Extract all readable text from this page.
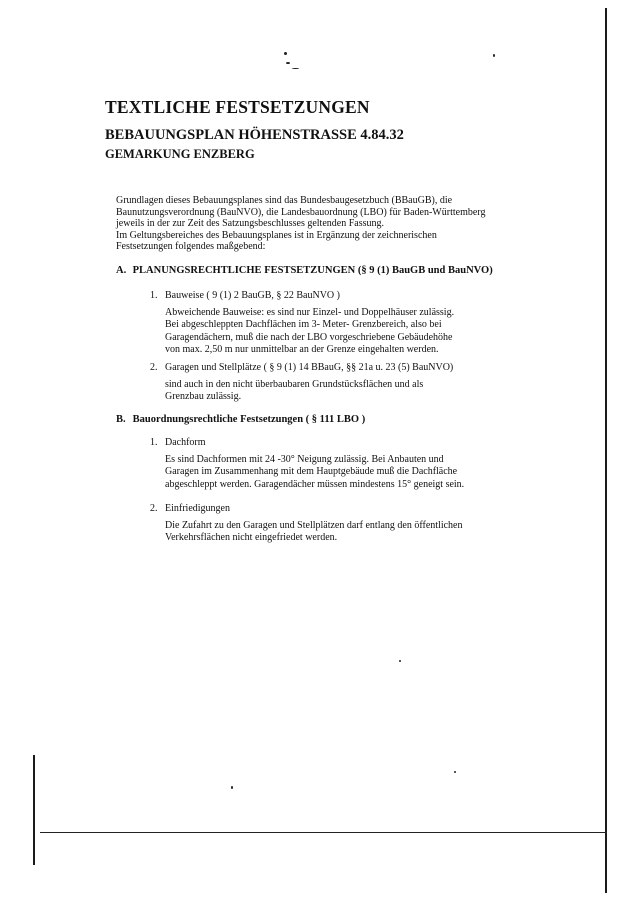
TEXTLICHE FESTSETZUNGEN
BEBAUUNGSPLAN HÖHENSTRASSE 4.84.32
GEMARKUNG ENZBERG

Grundlagen dieses Bebauungsplanes sind das Bundesbaugesetzbuch (BBauGB), die

Baunutzungsverordnung (BauNVO), die Landesbauordnung (LBO) für Baden-Württemberg

jeweils in der zur Zeit des Satzungsbeschlusses geltenden Fassung.

Im Geltungsbereiches des Bebauungsplanes ist in Ergänzung der zeichnerischen

Festsetzungen folgendes maßgebend:

A. PLANUNGSRECHTLICHE FESTSETZUNGEN (§ 9 (1) BauGB und BauNVO)
1. Bauweise ( 9 (1) 2 BauGB, § 22 BauNVO )

Abweichende Bauweise: es sind nur Einzel- und Doppelhäuser zulässig.

Bei abgeschleppten Dachflächen im 3- Meter- Grenzbereich, also bei

Garagendächern, muß die nach der LBO vorgeschriebene Gebäudehöhe

von max. 2,50 m nur unmittelbar an der Grenze eingehalten werden.

2. Garagen und Stellplätze ( § 9 (1) 14 BBauG, §§ 21a u. 23 (5) BauNVO)

sind auch in den nicht überbaubaren Grundstücksflächen und als

Grenzbau zulässig.

B. Bauordnungsrechtliche Festsetzungen ( § 111 LBO )
1. Dachform

Es sind Dachformen mit 24 -30° Neigung zulässig. Bei Anbauten und

Garagen im Zusammenhang mit dem Hauptgebäude muß die Dachfläche

abgeschleppt werden. Garagendächer müssen mindestens 15° geneigt sein.

2. Einfriedigungen

Die Zufahrt zu den Garagen und Stellplätzen darf entlang den öffentlichen

Verkehrsflächen nicht eingefriedet werden.
